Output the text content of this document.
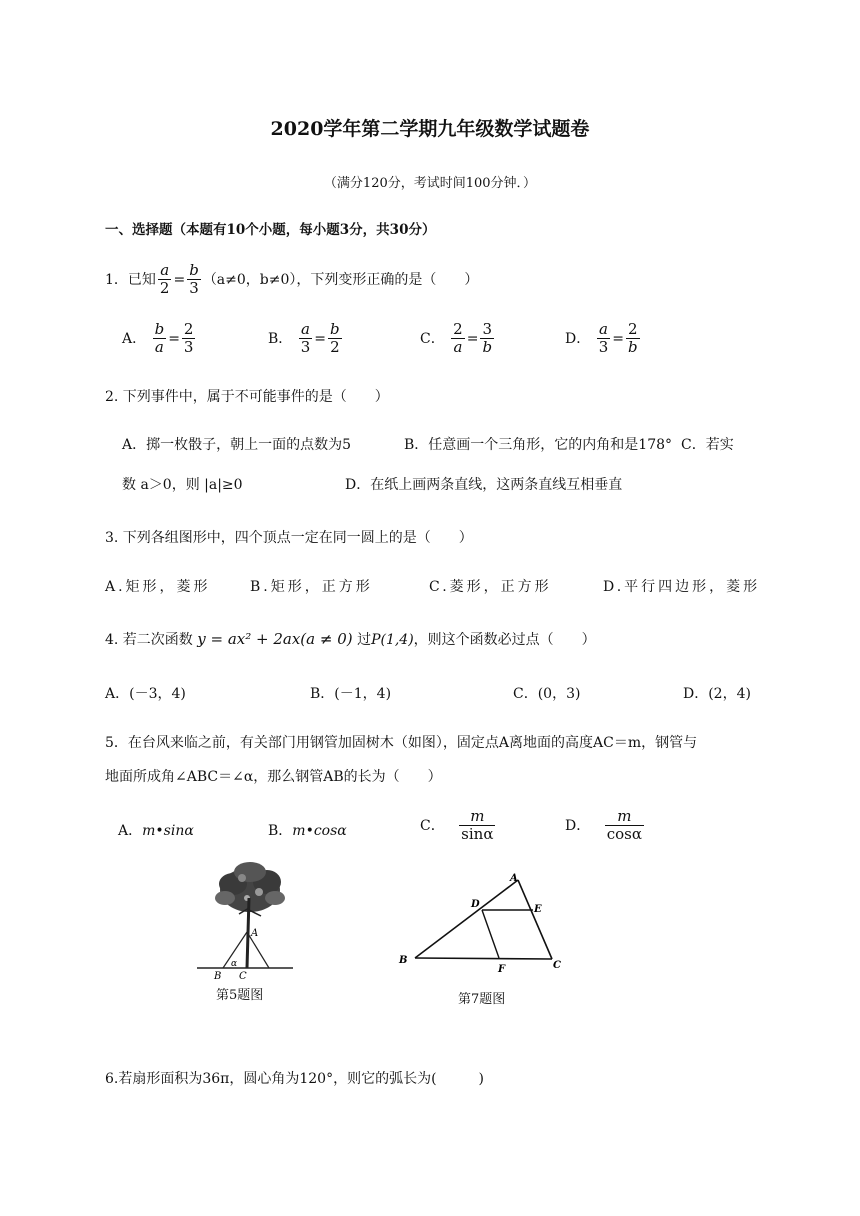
2020学年第二学期九年级数学试题卷
（满分120分，考试时间100分钟．）
一、选择题（本题有10个小题，每小题3分，共30分）
1．已知 $\frac{a}{2} = \frac{b}{3} (a\ne 0$，b≠0），下列变形正确的是（　　）
A． $\frac{b}{a} = \frac{2}{3}$	B． $\frac{a}{3} = \frac{b}{2}$	C． $\frac{2}{a} = \frac{3}{b}$	D． $\frac{a}{3} = \frac{2}{b}$
2. 下列事件中，属于不可能事件的是（　　）
A．掷一枚骰子，朝上一面的点数为5	B．任意画一个三角形，它的内角和是178° C．若实
数 a＞0，则 |a|≥0	D．在纸上画两条直线，这两条直线互相垂直
3. 下列各组图形中，四个顶点一定在同一圆上的是（　　）
A.矩形，菱形	B.矩形，正方形	C.菱形，正方形	D.平行四边形，菱形
4. 若二次函数 y = ax² + 2ax(a ≠ 0) 过P(1,4)，则这个函数必过点（　　）
A．(－3，4)	B．(－1，4)	C．(0，3)	D．(2，4)
5．在台风来临之前，有关部门用钢管加固树木（如图），固定点A离地面的高度AC＝m，钢管与
地面所成角∠ABC＝∠α，那么钢管AB的长为（　　）
A．m•sinα	B．m•cosα	C． $\frac{m}{\sin\alpha}$	D． $\frac{m}{\cos\alpha}$
A
B C
α
第5题图
A
B	C
D	E
F
第7题图
6.若扇形面积为36π，圆心角为120°，则它的弧长为(　　　)
